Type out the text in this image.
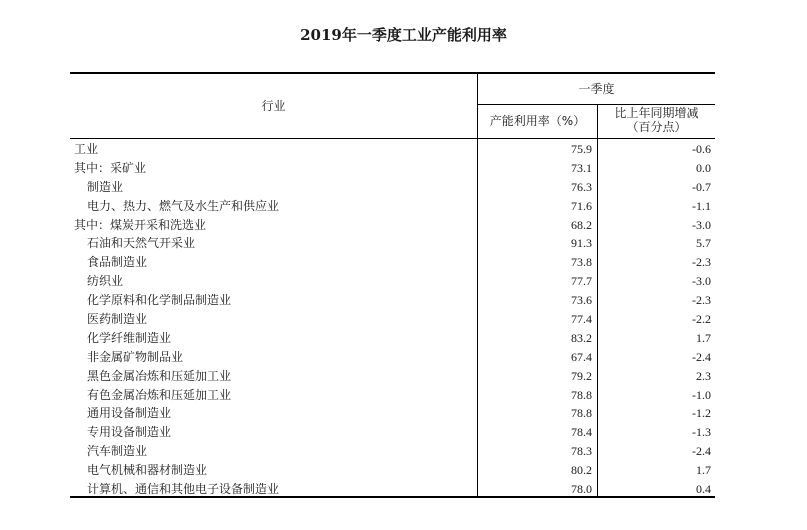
2019年一季度工业产能利用率
行业
一季度
产能利用率（%）
比上年同期增减
（百分点）
工业	75.9	-0.6
其中：采矿业	73.1	0.0
制造业	76.3	-0.7
电力、热力、燃气及水生产和供应业	71.6	-1.1
其中：煤炭开采和洗选业	68.2	-3.0
石油和天然气开采业	91.3	5.7
食品制造业	73.8	-2.3
纺织业	77.7	-3.0
化学原料和化学制品制造业	73.6	-2.3
医药制造业	77.4	-2.2
化学纤维制造业	83.2	1.7
非金属矿物制品业	67.4	-2.4
黑色金属冶炼和压延加工业	79.2	2.3
有色金属冶炼和压延加工业	78.8	-1.0
通用设备制造业	78.8	-1.2
专用设备制造业	78.4	-1.3
汽车制造业	78.3	-2.4
电气机械和器材制造业	80.2	1.7
计算机、通信和其他电子设备制造业	78.0	0.4
